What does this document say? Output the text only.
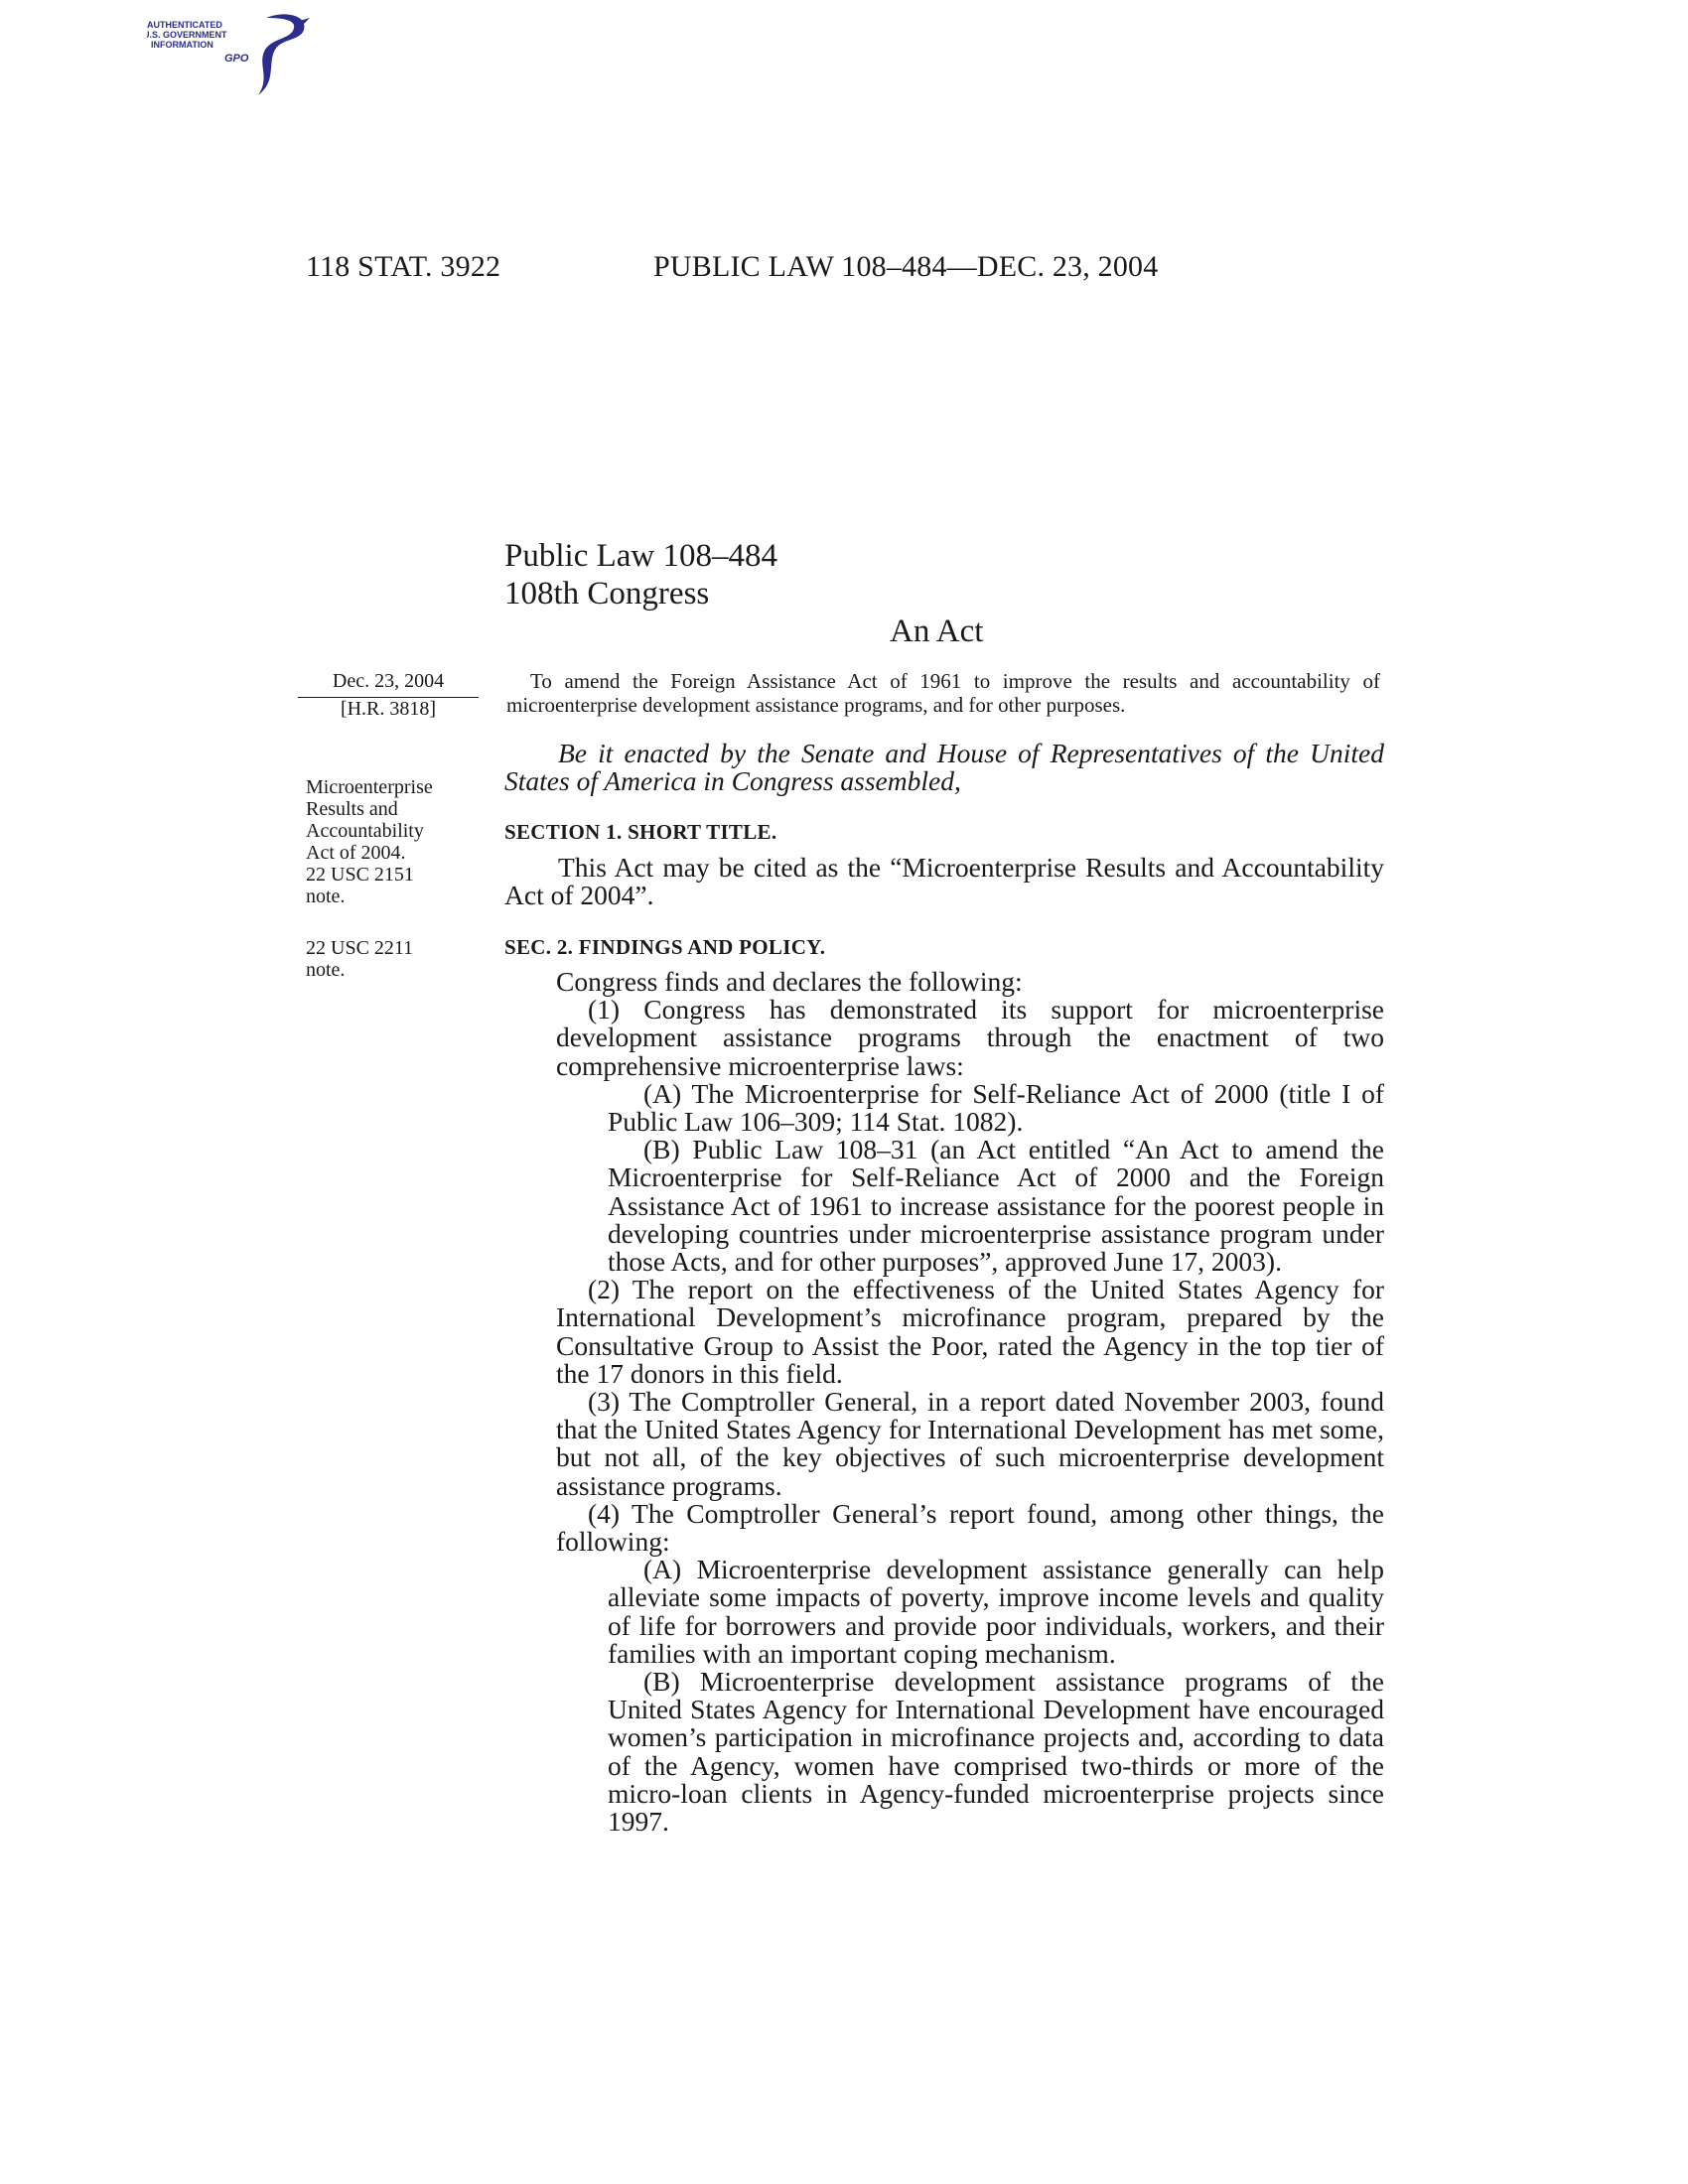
AUTHENTICATED
U.S. GOVERNMENT
INFORMATION
GPO
118 STAT. 3922	PUBLIC LAW 108–484—DEC. 23, 2004
Public Law 108–484
108th Congress
An Act
Dec. 23, 2004
[H.R. 3818]
Microenterprise
Results and
Accountability
Act of 2004.
22 USC 2151
note.
22 USC 2211
note.
To amend the Foreign Assistance Act of 1961 to improve the results and accountability of microenterprise development assistance programs, and for other purposes.
Be it enacted by the Senate and House of Representatives of the United States of America in Congress assembled,
SECTION 1. SHORT TITLE.

This Act may be cited as the “Microenterprise Results and Accountability Act of 2004”.

SEC. 2. FINDINGS AND POLICY.

Congress finds and declares the following:

(1) Congress has demonstrated its support for microenterprise development assistance programs through the enactment of two comprehensive microenterprise laws:

(A) The Microenterprise for Self-Reliance Act of 2000 (title I of Public Law 106–309; 114 Stat. 1082).

(B) Public Law 108–31 (an Act entitled “An Act to amend the Microenterprise for Self-Reliance Act of 2000 and the Foreign Assistance Act of 1961 to increase assistance for the poorest people in developing countries under microenterprise assistance program under those Acts, and for other purposes”, approved June 17, 2003).

(2) The report on the effectiveness of the United States Agency for International Development’s microfinance program, prepared by the Consultative Group to Assist the Poor, rated the Agency in the top tier of the 17 donors in this field.

(3) The Comptroller General, in a report dated November 2003, found that the United States Agency for International Development has met some, but not all, of the key objectives of such microenterprise development assistance programs.

(4) The Comptroller General’s report found, among other things, the following:

(A) Microenterprise development assistance generally can help alleviate some impacts of poverty, improve income levels and quality of life for borrowers and provide poor individuals, workers, and their families with an important coping mechanism.

(B) Microenterprise development assistance programs of the United States Agency for International Development have encouraged women’s participation in microfinance projects and, according to data of the Agency, women have comprised two-thirds or more of the micro-loan clients in Agency-funded microenterprise projects since 1997.
